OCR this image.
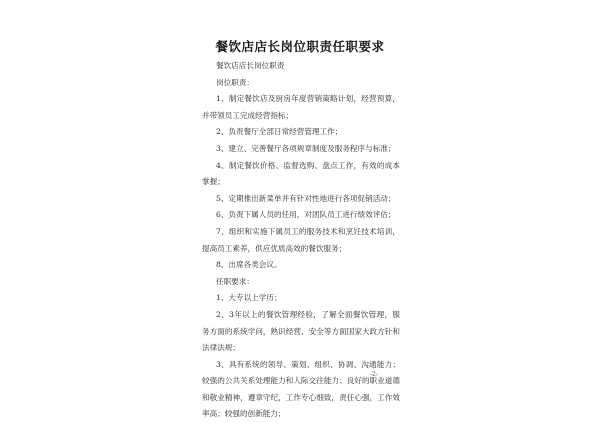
餐饮店店长岗位职责任职要求

餐饮店店长岗位职责

岗位职责：

1、制定餐饮店及厨房年度营销策略计划，经营预算，并带领员工完成经营指标；

2、负责餐厅全部日常经营管理工作；

3、建立、完善餐厅各项规章制度及服务程序与标准；

4、制定餐饮价格、监督选购、盘点工作，有效的成本掌握；

5、定期推出新菜单并有针对性地进行各项促销活动；

6、负责下属人员的任用，对团队员工进行绩效评估；

7、组织和实施下属员工的服务技术和烹饪技术培训，提高员工素养，供应优质高效的餐饮服务；

8、出席各类会议。

任职要求：

1、大专以上学历；

2、3年以上的餐饮管理经验，了解全面餐饮管理，服务方面的系统学问，熟识经营、安全等方面国家大政方针和法律法规；

3、具有系统的领导、策划、组织、协调、沟通能力；较强的公共关系处理能力和人际交往能力；良好的职业道德和敬业精神，遵章守纪，工作专心细致，责任心强，工作效率高；较强的创新能力；

-2-
